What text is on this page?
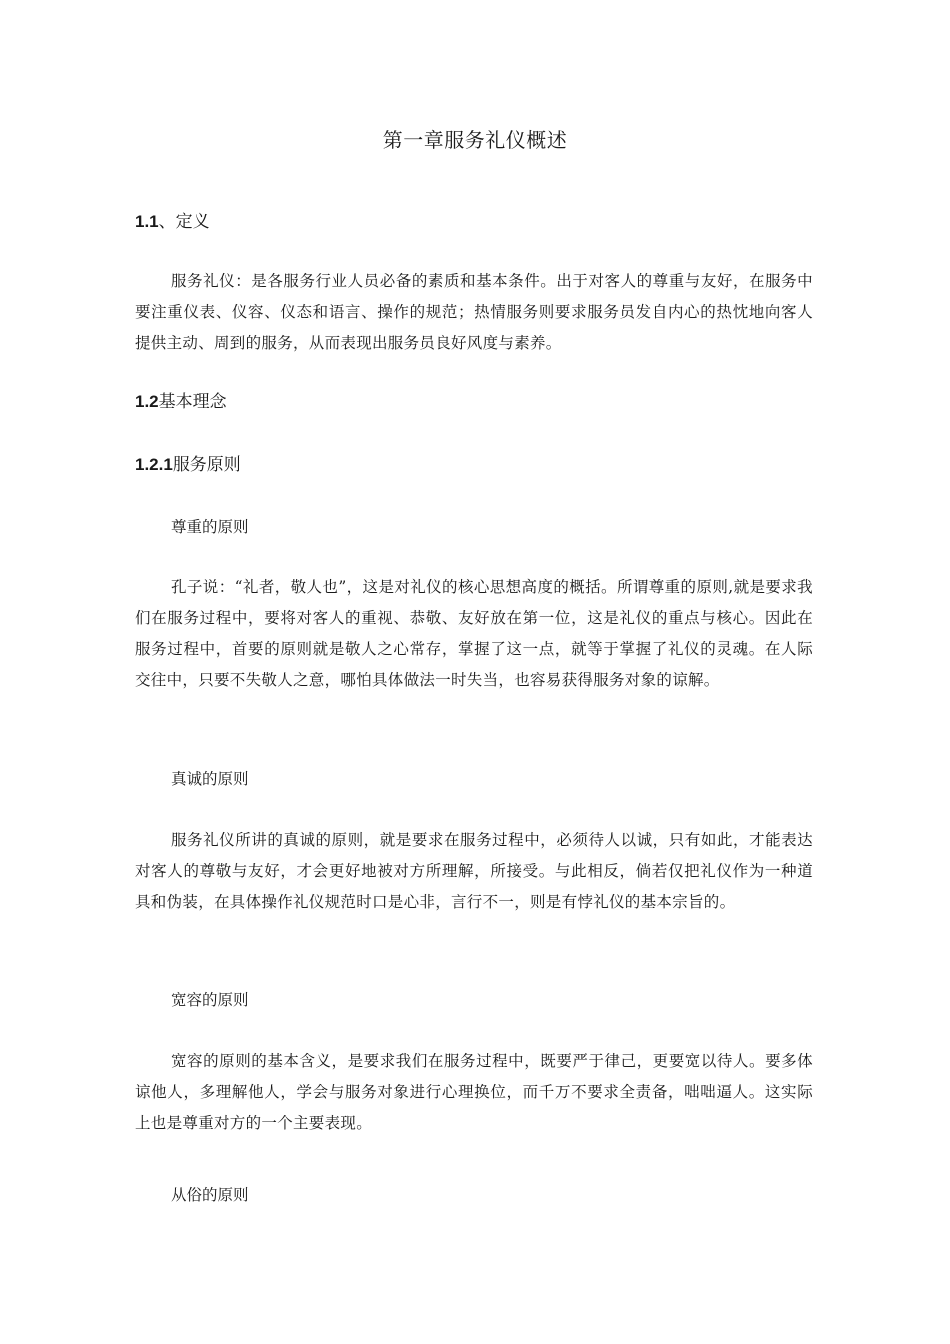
第一章服务礼仪概述
1.1、定义
服务礼仪：是各服务行业人员必备的素质和基本条件。出于对客人的尊重与友好，在服务中要注重仪表、仪容、仪态和语言、操作的规范；热情服务则要求服务员发自内心的热忱地向客人提供主动、周到的服务，从而表现出服务员良好风度与素养。
1.2基本理念
1.2.1服务原则
尊重的原则
孔子说：“礼者，敬人也”，这是对礼仪的核心思想高度的概括。所谓尊重的原则,就是要求我们在服务过程中，要将对客人的重视、恭敬、友好放在第一位，这是礼仪的重点与核心。因此在服务过程中，首要的原则就是敬人之心常存，掌握了这一点，就等于掌握了礼仪的灵魂。在人际交往中，只要不失敬人之意，哪怕具体做法一时失当，也容易获得服务对象的谅解。
真诚的原则
服务礼仪所讲的真诚的原则，就是要求在服务过程中，必须待人以诚，只有如此，才能表达对客人的尊敬与友好，才会更好地被对方所理解，所接受。与此相反，倘若仅把礼仪作为一种道具和伪装，在具体操作礼仪规范时口是心非，言行不一，则是有悖礼仪的基本宗旨的。
宽容的原则
宽容的原则的基本含义，是要求我们在服务过程中，既要严于律己，更要宽以待人。要多体谅他人，多理解他人，学会与服务对象进行心理换位，而千万不要求全责备，咄咄逼人。这实际上也是尊重对方的一个主要表现。
从俗的原则
